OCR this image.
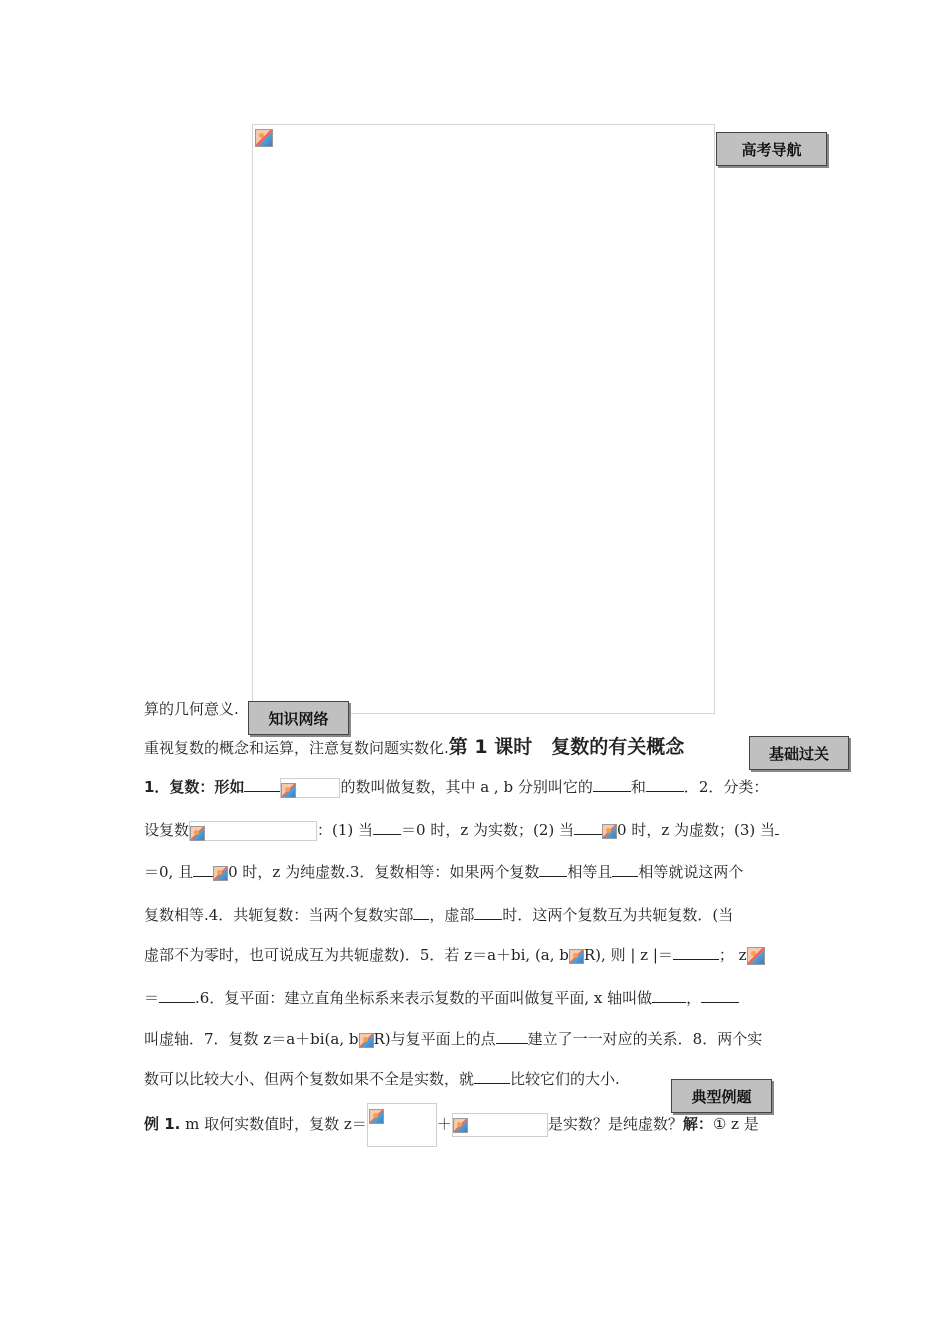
高考导航
算的几何意义.
知识网络
重视复数的概念和运算，注意复数问题实数化.第 1 课时　复数的有关概念	基础过关
1．复数：形如	的数叫做复数，其中 a , b 分别叫它的	和	．2．分类：
设复数	：(1) 当 ＝0 时，z 为实数；(2) 当	0 时，z 为虚数；(3) 当
＝0, 且 0 时，z 为纯虚数.3．复数相等：如果两个复数 相等且 相等就说这两个
复数相等.4．共轭复数：当两个复数实部 ，虚部 时．这两个复数互为共轭复数．(当
虚部不为零时，也可说成互为共轭虚数)．5．若 z＝a＋bi, (a, b R), 则 | z |＝	； z
＝ .6．复平面：建立直角坐标系来表示复数的平面叫做复平面, x 轴叫做 ，
叫虚轴．7．复数 z＝a＋bi(a, b R)与复平面上的点 建立了一一对应的关系．8．两个实
数可以比较大小、但两个复数如果不全是实数，就 比较它们的大小.
典型例题
例 1. m 取何实数值时，复数 z＝	＋	是实数？是纯虚数？解：① z 是
